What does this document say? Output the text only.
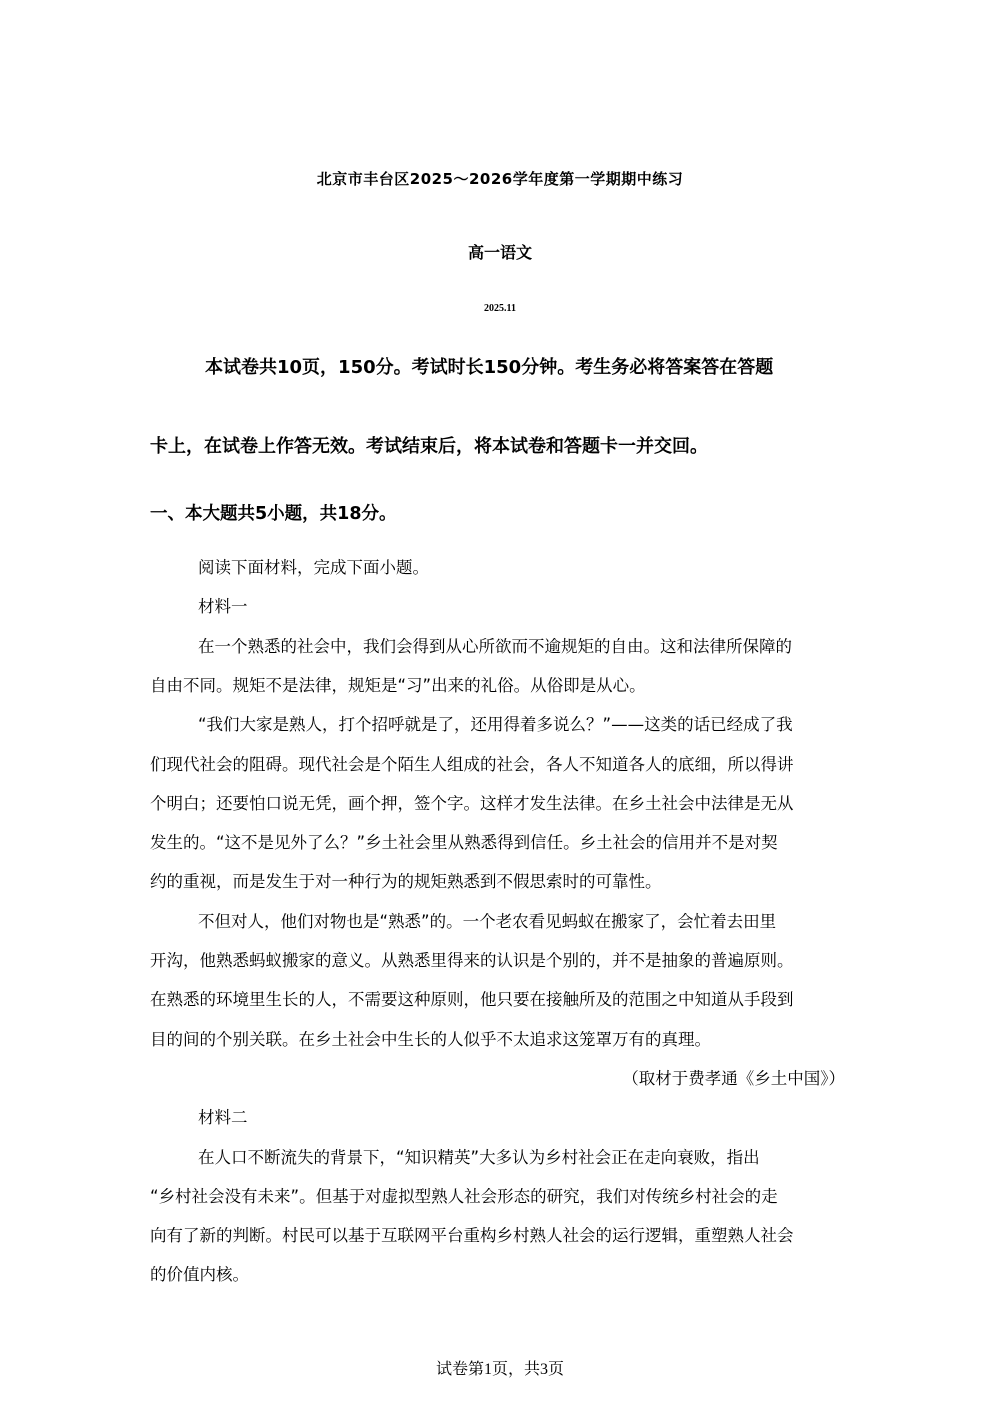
北京市丰台区2025～2026学年度第一学期期中练习
高一语文
2025.11
本试卷共10页，150分。考试时长150分钟。考生务必将答案答在答题
卡上，在试卷上作答无效。考试结束后，将本试卷和答题卡一并交回。
一、本大题共5小题，共18分。
阅读下面材料，完成下面小题。
材料一
在一个熟悉的社会中，我们会得到从心所欲而不逾规矩的自由。这和法律所保障的
自由不同。规矩不是法律，规矩是“习”出来的礼俗。从俗即是从心。
“我们大家是熟人，打个招呼就是了，还用得着多说么？”——这类的话已经成了我
们现代社会的阻碍。现代社会是个陌生人组成的社会，各人不知道各人的底细，所以得讲
个明白；还要怕口说无凭，画个押，签个字。这样才发生法律。在乡土社会中法律是无从
发生的。“这不是见外了么？”乡土社会里从熟悉得到信任。乡土社会的信用并不是对契
约的重视，而是发生于对一种行为的规矩熟悉到不假思索时的可靠性。
不但对人，他们对物也是“熟悉”的。一个老农看见蚂蚁在搬家了，会忙着去田里
开沟，他熟悉蚂蚁搬家的意义。从熟悉里得来的认识是个别的，并不是抽象的普遍原则。
在熟悉的环境里生长的人，不需要这种原则，他只要在接触所及的范围之中知道从手段到
目的间的个别关联。在乡土社会中生长的人似乎不太追求这笼罩万有的真理。
（取材于费孝通《乡土中国》）
材料二
在人口不断流失的背景下，“知识精英”大多认为乡村社会正在走向衰败，指出
“乡村社会没有未来”。但基于对虚拟型熟人社会形态的研究，我们对传统乡村社会的走
向有了新的判断。村民可以基于互联网平台重构乡村熟人社会的运行逻辑，重塑熟人社会
的价值内核。
试卷第1页，共3页
